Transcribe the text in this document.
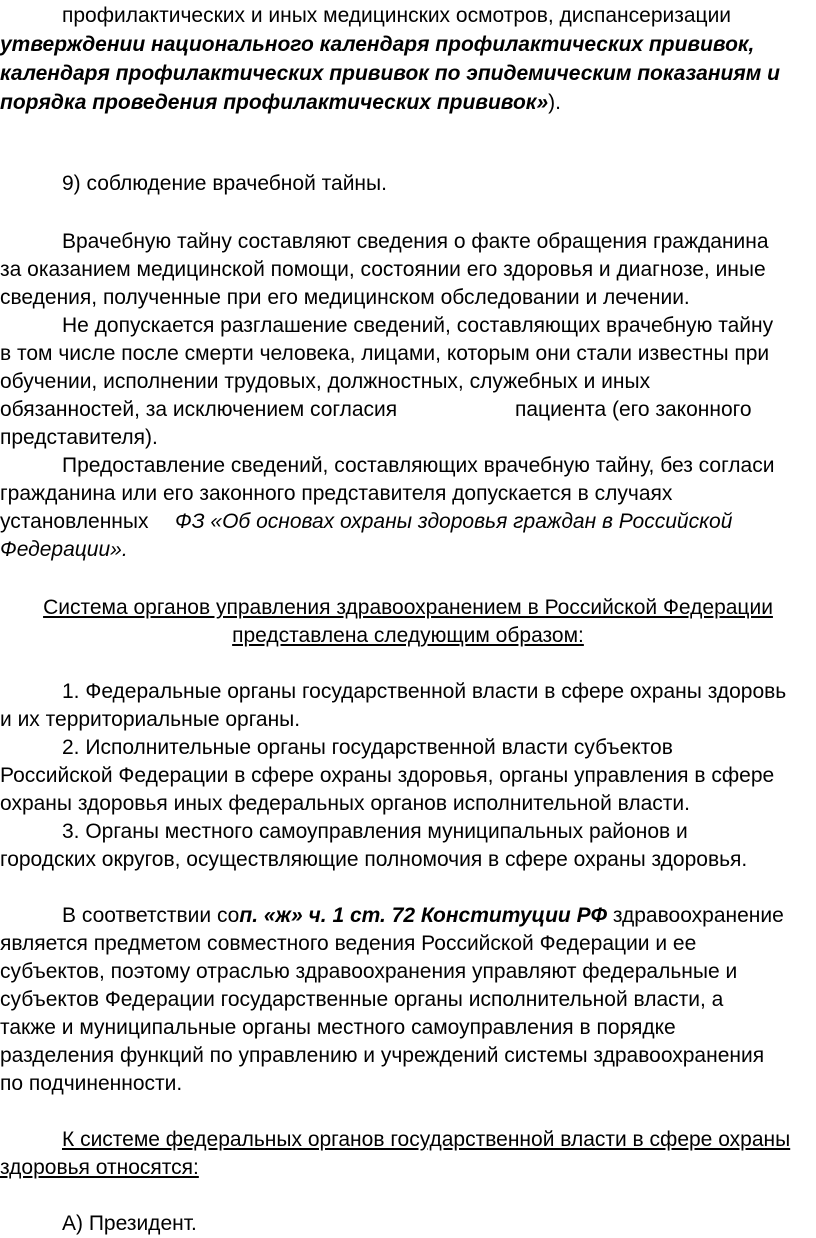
профилактических и иных медицинских осмотров, диспансеризации
утверждении национального календаря профилактических прививок,
календаря профилактических прививок по эпидемическим показаниям и
порядка проведения профилактических прививок»).
9) соблюдение врачебной тайны.
Врачебную тайну составляют сведения о факте обращения гражданина
за оказанием медицинской помощи, состоянии его здоровья и диагнозе, иные
сведения, полученные при его медицинском обследовании и лечении.
Не допускается разглашение сведений, составляющих врачебную тайну
в том числе после смерти человека, лицами, которым они стали известны при
обучении, исполнении трудовых, должностных, служебных и иных
обязанностей, за исключением согласия	пациента (его законного
представителя).
Предоставление сведений, составляющих врачебную тайну, без согласи
гражданина или его законного представителя допускается в случаях
установленных ФЗ «Об основах охраны здоровья граждан в Российской
Федерации».
Система органов управления здравоохранением в Российской Федерации
представлена следующим образом:
1. Федеральные органы государственной власти в сфере охраны здоровь
и их территориальные органы.
2. Исполнительные органы государственной власти субъектов
Российской Федерации в сфере охраны здоровья, органы управления в сфере
охраны здоровья иных федеральных органов исполнительной власти.
3. Органы местного самоуправления муниципальных районов и
городских округов, осуществляющие полномочия в сфере охраны здоровья.
В соответствии соп. «ж» ч. 1 ст. 72 Конституции РФ здравоохранение
является предметом совместного ведения Российской Федерации и ее
субъектов, поэтому отраслью здравоохранения управляют федеральные и
субъектов Федерации государственные органы исполнительной власти, а
также и муниципальные органы местного самоуправления в порядке
разделения функций по управлению и учреждений системы здравоохранения
по подчиненности.
К системе федеральных органов государственной власти в сфере охраны
здоровья относятся:
А) Президент.
